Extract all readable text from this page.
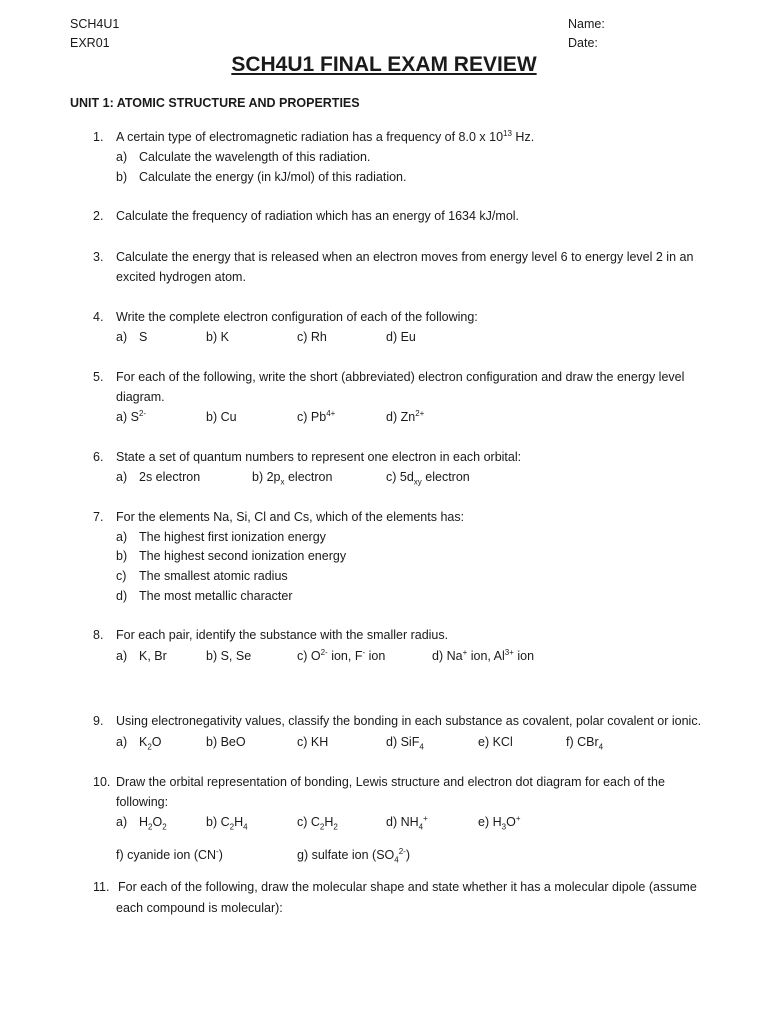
SCH4U1
EXR01
Name:
Date:
SCH4U1 FINAL EXAM REVIEW
UNIT 1: ATOMIC STRUCTURE AND PROPERTIES
1. A certain type of electromagnetic radiation has a frequency of 8.0 x $10^{13}$ Hz.
a) Calculate the wavelength of this radiation.
b) Calculate the energy (in kJ/mol) of this radiation.
2. Calculate the frequency of radiation which has an energy of 1634 kJ/mol.
3. Calculate the energy that is released when an electron moves from energy level 6 to energy level 2 in an
excited hydrogen atom.
4. Write the complete electron configuration of each of the following:
a) S	b) K	c) Rh	d) Eu
5. For each of the following, write the short (abbreviated) electron configuration and draw the energy level
diagram.
a) $S^{2-}$	b) Cu	c) $Pb^{4+}$	d) $Zn^{2+}$
6. State a set of quantum numbers to represent one electron in each orbital:
a) 2s electron	b) $2p_x$ electron	c) $5d_{xy}$ electron
7. For the elements Na, Si, Cl and Cs, which of the elements has:
a) The highest first ionization energy
b) The highest second ionization energy
c) The smallest atomic radius
d) The most metallic character
8. For each pair, identify the substance with the smaller radius.
a) K, Br	b) S, Se	c) $O^{2-}$ ion, F- ion	d) Na+ ion, $Al^{3+}$ ion
9. Using electronegativity values, classify the bonding in each substance as covalent, polar covalent or ionic.
a) $K_2O$	b) BeO	c) KH	d) SiF$_4$	e) KCl	f) CBr$_4$
10. Draw the orbital representation of bonding, Lewis structure and electron dot diagram for each of the
following:
a) $H_2O_2$	b) $C_2H_4$	c) $C_2H_2$	d) $NH_4^+$	e) $H_3O^+$
f) cyanide ion (CN-)	g) sulfate ion $(SO_4^{2-})$
11. For each of the following, draw the molecular shape and state whether it has a molecular dipole (assume
each compound is molecular):
